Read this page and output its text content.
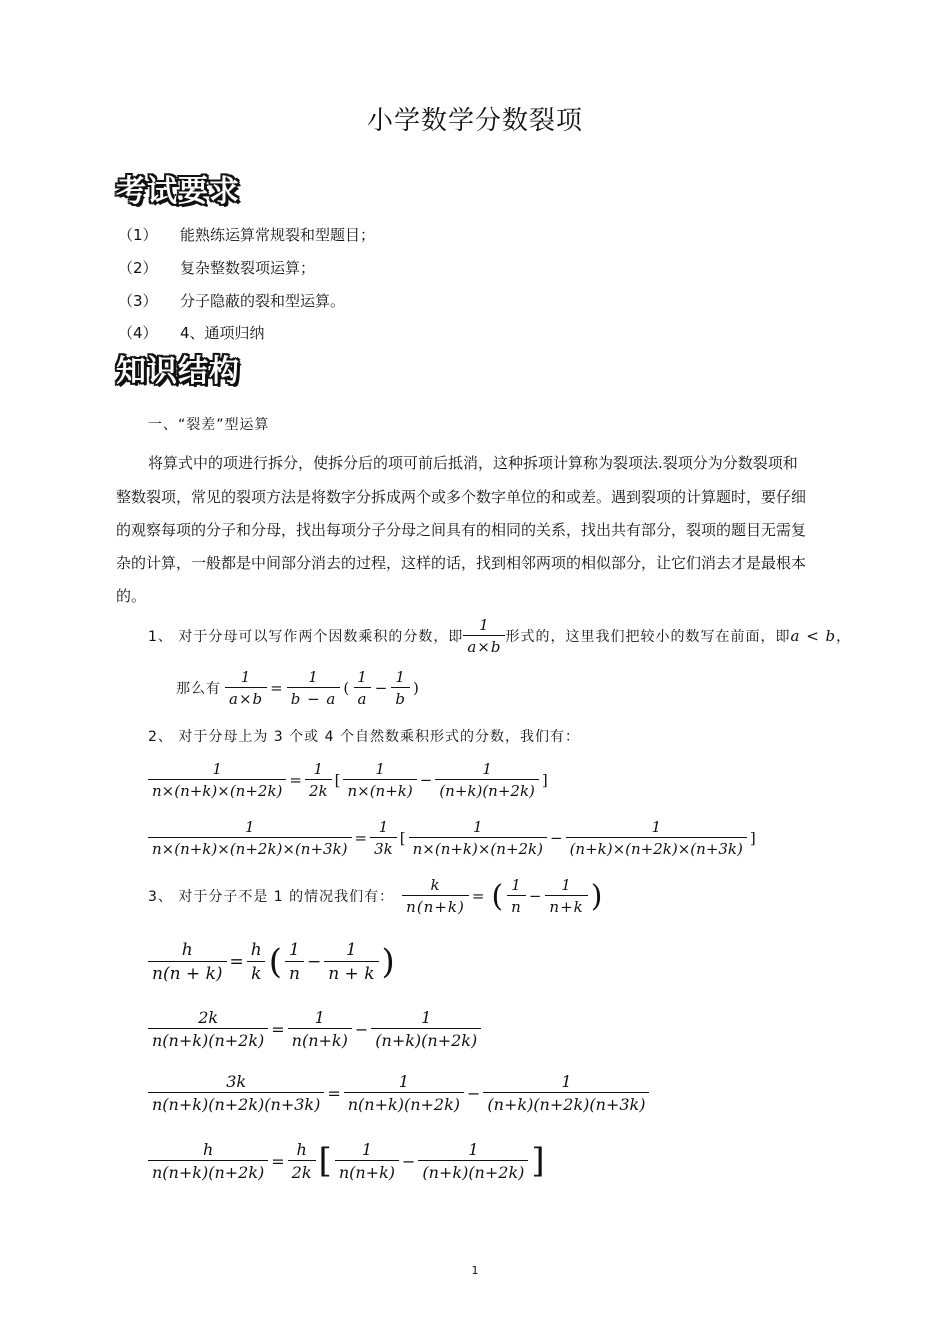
小学数学分数裂项
考试要求
（1） 能熟练运算常规裂和型题目；
（2） 复杂整数裂项运算；
（3） 分子隐蔽的裂和型运算。
（4） 4、通项归纳
知识结构
一、“裂差”型运算
将算式中的项进行拆分，使拆分后的项可前后抵消，这种拆项计算称为裂项法.裂项分为分数裂项和
整数裂项，常见的裂项方法是将数字分拆成两个或多个数字单位的和或差。遇到裂项的计算题时，要仔细
的观察每项的分子和分母，找出每项分子分母之间具有的相同的关系，找出共有部分，裂项的题目无需复
杂的计算，一般都是中间部分消去的过程，这样的话，找到相邻两项的相似部分，让它们消去才是最根本
的。
1、 对于分母可以写作两个因数乘积的分数，即 $\frac{1}{a\times b}$ 形式的，这里我们把较小的数写在前面，即 a < b ，
那么有 $\frac{1}{a\times b} = \frac{1}{b - a}$ ( $\frac{1}{a} - \frac{1}{b}$ )
2、 对于分母上为 3 个或 4 个自然数乘积形式的分数，我们有：
$\frac{1}{n\times(n+k)\times(n+2k)} = \frac{1}{2k}$ [ $\frac{1}{n\times(n+k)} - \frac{1}{(n+k)(n+2k)}$ ]
$\frac{1}{n\times(n+k)\times(n+2k)\times(n+3k)} = \frac{1}{3k}$ [ $\frac{1}{n\times(n+k)\times(n+2k)} - \frac{1}{(n+k)\times(n+2k)\times(n+3k)}$ ]
3、 对于分子不是 1 的情况我们有： $\frac{k}{n(n+k)}$ = ( $\frac{1}{n} - \frac{1}{n+k}$ )
$\frac{h}{n(n + k)} = \frac{h}{k}$ ( $\frac{1}{n} - \frac{1}{n + k}$ )
$\frac{2k}{n(n+k)(n+2k)} = \frac{1}{n(n+k)} - \frac{1}{(n+k)(n+2k)}$
$\frac{3k}{n(n+k)(n+2k)(n+3k)} = \frac{1}{n(n+k)(n+2k)} - \frac{1}{(n+k)(n+2k)(n+3k)}$
$\frac{h}{n(n+k)(n+2k)} = \frac{h}{2k}$ [ $\frac{1}{n(n+k)} - \frac{1}{(n+k)(n+2k)}$ ]
1
